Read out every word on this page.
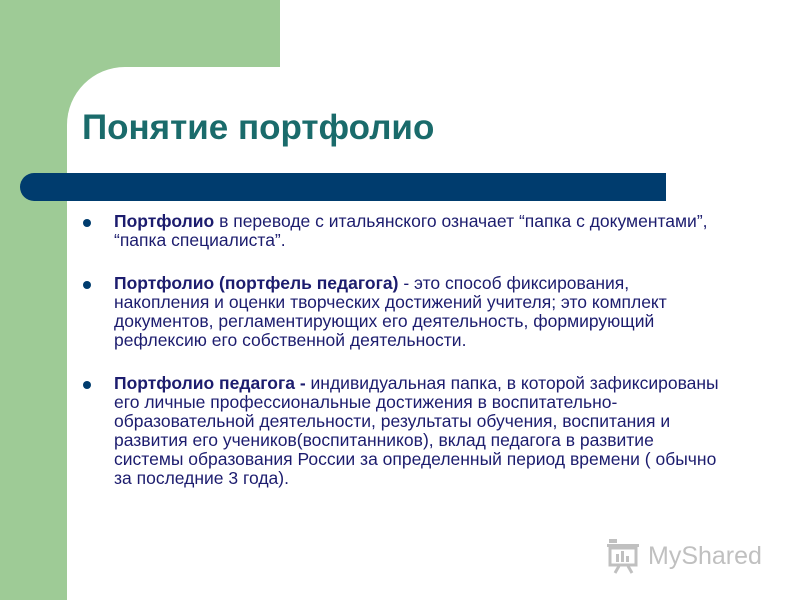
Понятие портфолио
Портфолио в переводе с итальянского означает “папка с документами”, “папка специалиста”.
Портфолио (портфель педагога) - это способ фиксирования, накопления и оценки творческих достижений учителя; это комплект документов, регламентирующих его деятельность, формирующий рефлексию его собственной деятельности.
Портфолио педагога - индивидуальная папка, в которой зафиксированы его личные профессиональные достижения в воспитательно-образовательной деятельности, результаты обучения, воспитания и развития его учеников(воспитанников), вклад педагога в развитие системы образования России за определенный период времени ( обычно за последние 3 года).
MyShared
